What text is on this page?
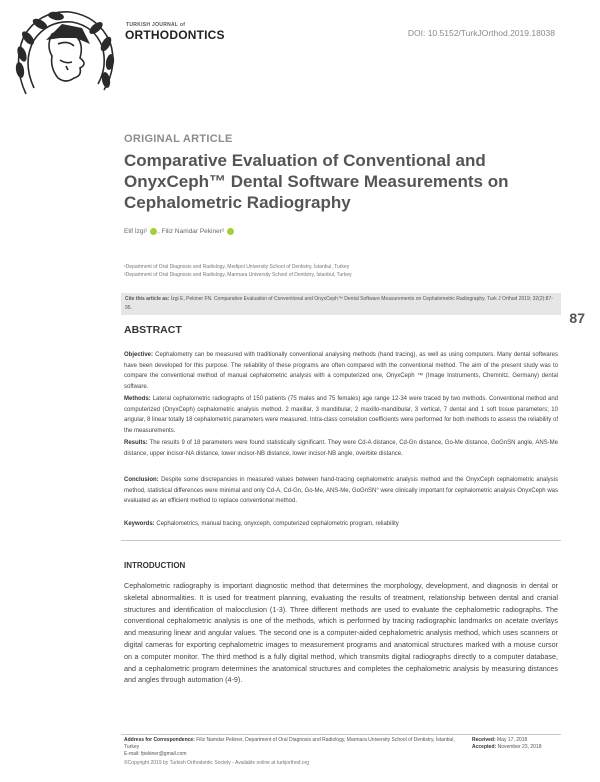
TURKISH JOURNAL of
ORTHODONTICS	DOI: 10.5152/TurkJOrthod.2019.18038
ORIGINAL ARTICLE
Comparative Evaluation of Conventional and OnyxCeph™ Dental Software Measurements on Cephalometric Radiography
Elif İzgi¹ , Filiz Namdar Pekiner²
¹Department of Oral Diagnosis and Radiology, Medipol University School of Dentistry, İstanbul, Turkey
²Department of Oral Diagnosis and Radiology, Marmara University School of Dentistry, İstanbul, Turkey
Cite this article as: İzgi E, Pekiner FN. Comparative Evaluation of Conventional and OnyxCeph™ Dental Software Measurements on Cephalometric Radiography. Turk J Orthod 2019; 32(2):87-95.
87
ABSTRACT
Objective: Cephalometry can be measured with traditionally conventional analysing methods (hand tracing), as well as using computers. Many dental softwares have been developed for this purpose. The reliability of these programs are often compared with the conventional method. The aim of the present study was to compare the conventional method of manual cephalometric analysis with a computerized one, OnyxCeph ™ (Image Instruments, Chemnitz, Germany) dental software.
Methods: Lateral cephalometric radiographs of 150 patients (75 males and 75 females) age range 12-34 were traced by two methods. Conventional method and computerized (OnyxCeph) cephalometric analysis method. 2 maxillar, 3 mandibular, 2 maxillo-mandibular, 3 vertical, 7 dental and 1 soft tissue parameters; 10 angular, 8 linear totally 18 cephalometric parameters were measured. Intra-class correlation coefficients were performed for both methods to assess the reliability of the measurements.
Results: The results 9 of 18 parameters were found statistically significant. They were Cd-A distance, Cd-Gn distance, Go-Me distance, GoGnSN angle, ANS-Me distance, upper incisor-NA distance, lower incisor-NB distance, lower incisor-NB angle, overbite distance.
Conclusion: Despite some discrepancies in measured values between hand-tracing cephalometric analysis method and the OnyxCeph cephalometric analysis method, statistical differences were minimal and only Cd-A, Cd-Gn, Go-Me, ANS-Me, GoGnSN° were clinically important for cephalometric analysis OnyxCeph was evaluated as an efficient method to replace conventional method.
Keywords: Cephalometrics, manual tracing, onyxceph, computerized cephalometric program, reliability
INTRODUCTION
Cephalometric radiography is important diagnostic method that determines the morphology, development, and diagnosis in dental or skeletal abnormalities. It is used for treatment planning, evaluating the results of treatment, relationship between dental and cranial structures and identification of malocclusion (1-3). Three different methods are used to evaluate the cephalometric radiographs. The conventional cephalometric analysis is one of the methods, which is performed by tracing radiographic landmarks on acetate overlays and measuring linear and angular values. The second one is a computer-aided cephalometric analysis method, which uses scanners or digital cameras for exporting cephalometric images to measurement programs and anatomical structures marked with a mouse cursor on a computer monitor. The third method is a fully digital method, which transmits digital radiographs directly to a computer database, and a cephalometric program determines the anatomical structures and completes the cephalometric analysis by measuring distances and angles through automation (4-9).
Address for Correspondence: Filiz Namdar Pekiner, Department of Oral Diagnosis and Radiology, Marmara University School of Dentistry, İstanbul, Turkey
E-mail: fpekiner@gmail.com
Received: May 17, 2018
Accepted: November 23, 2018
©Copyright 2019 by Turkish Orthodontic Society - Available online at turkjorthod.org
